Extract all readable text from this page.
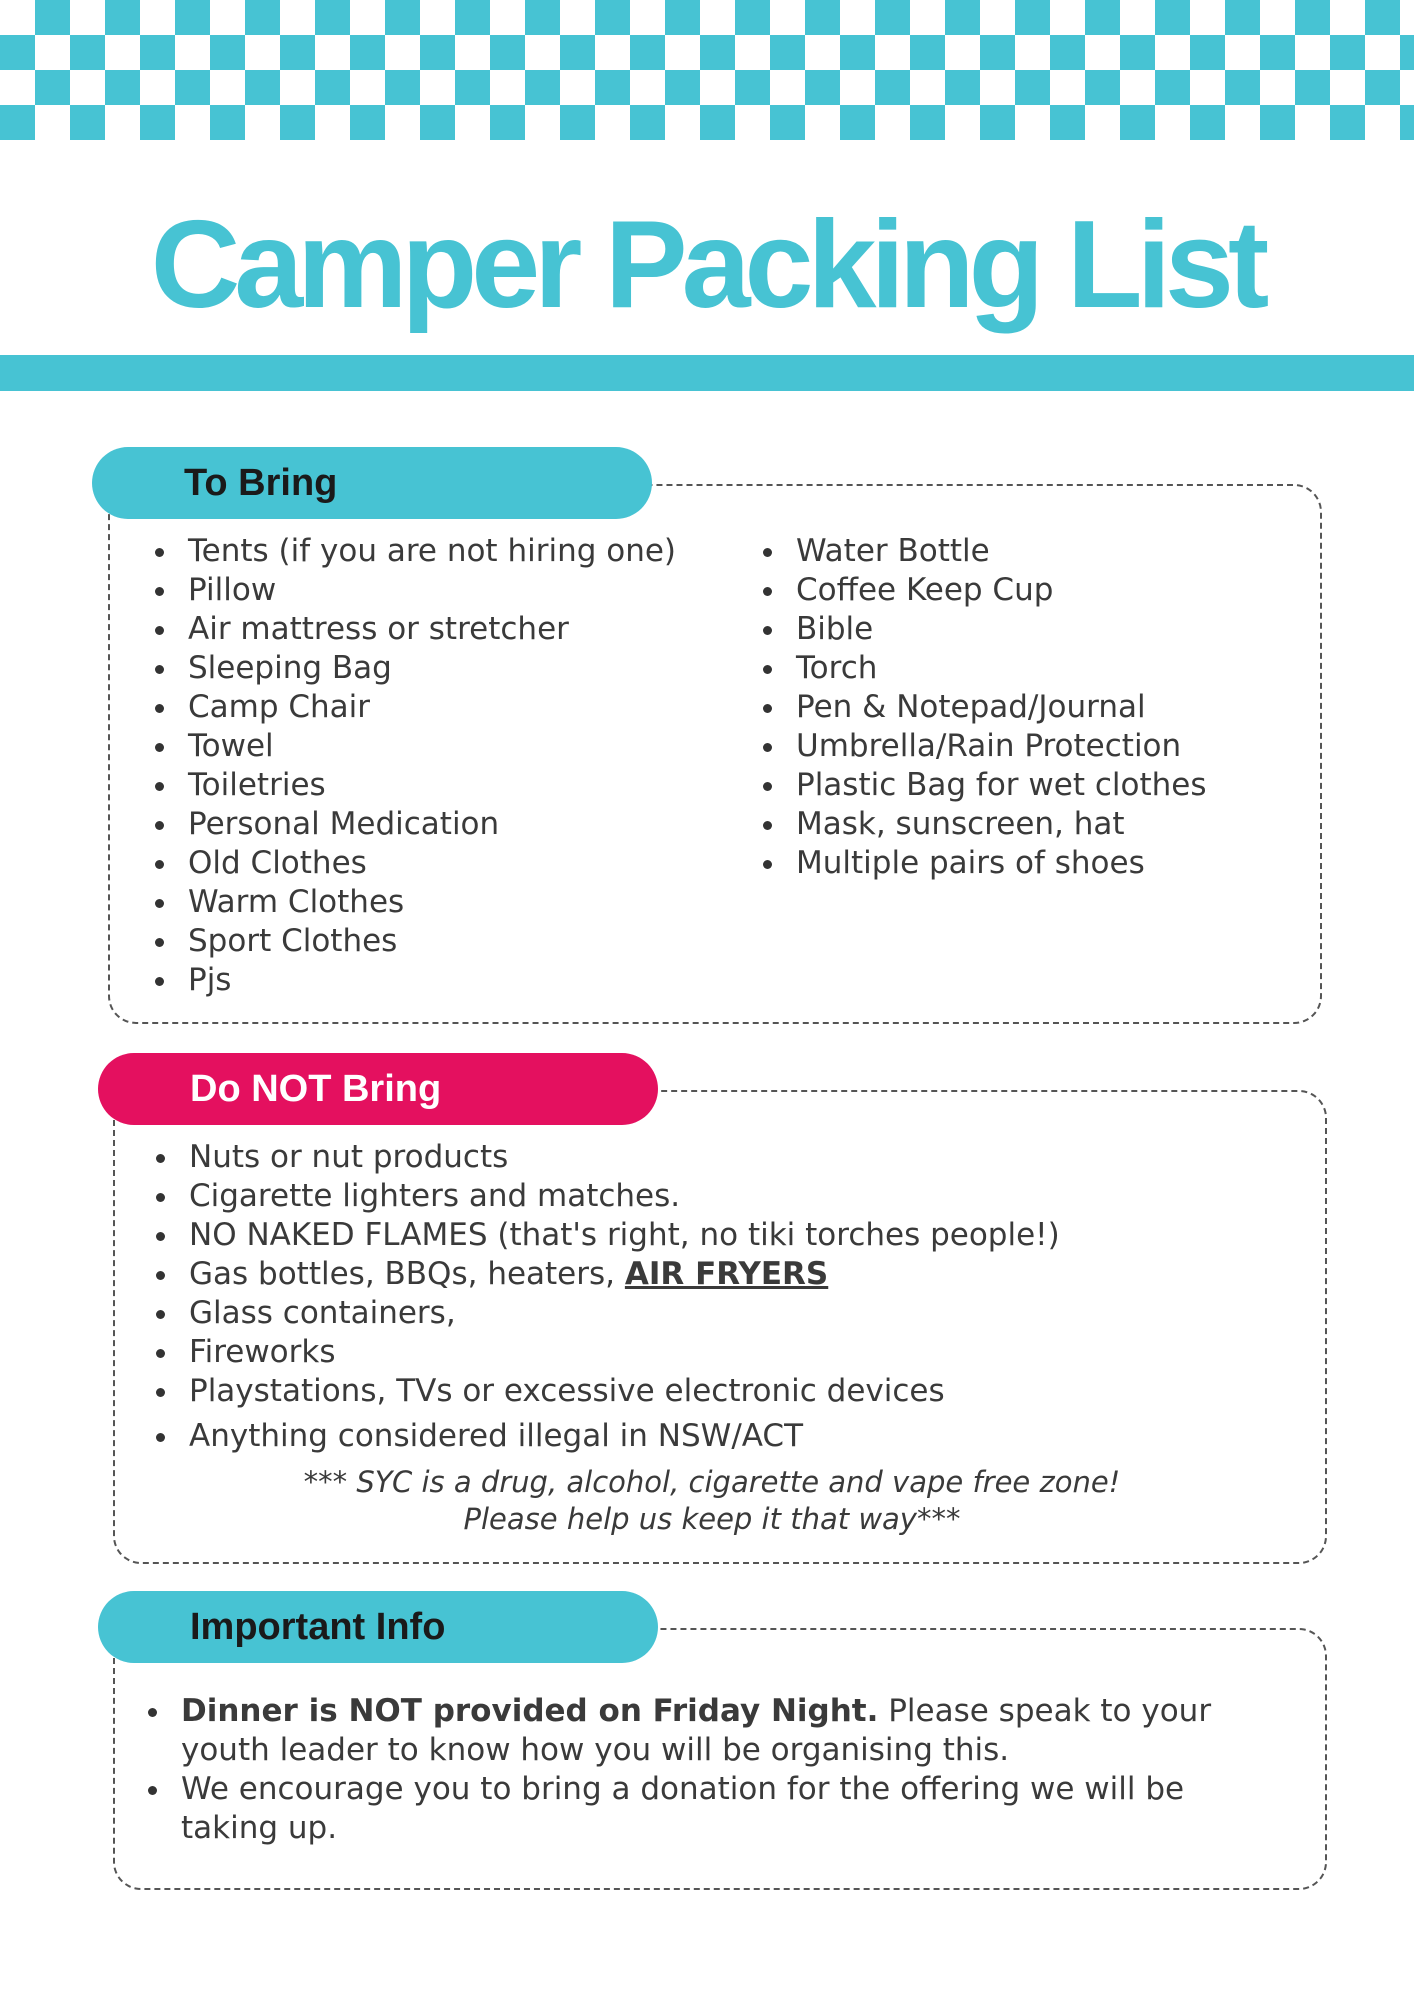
Camper Packing List
To Bring
Tents (if you are not hiring one)
Pillow
Air mattress or stretcher
Sleeping Bag
Camp Chair
Towel
Toiletries
Personal Medication
Old Clothes
Warm Clothes
Sport Clothes
Pjs
Water Bottle
Coffee Keep Cup
Bible
Torch
Pen & Notepad/Journal
Umbrella/Rain Protection
Plastic Bag for wet clothes
Mask, sunscreen, hat
Multiple pairs of shoes
Do NOT Bring
Nuts or nut products
Cigarette lighters and matches.
NO NAKED FLAMES (that's right, no tiki torches people!)
Gas bottles, BBQs, heaters, AIR FRYERS
Glass containers,
Fireworks
Playstations, TVs or excessive electronic devices
Anything considered illegal in NSW/ACT
*** SYC is a drug, alcohol, cigarette and vape free zone!
Please help us keep it that way***
Important Info
Dinner is NOT provided on Friday Night. Please speak to your youth leader to know how you will be organising this.
We encourage you to bring a donation for the offering we will be taking up.
